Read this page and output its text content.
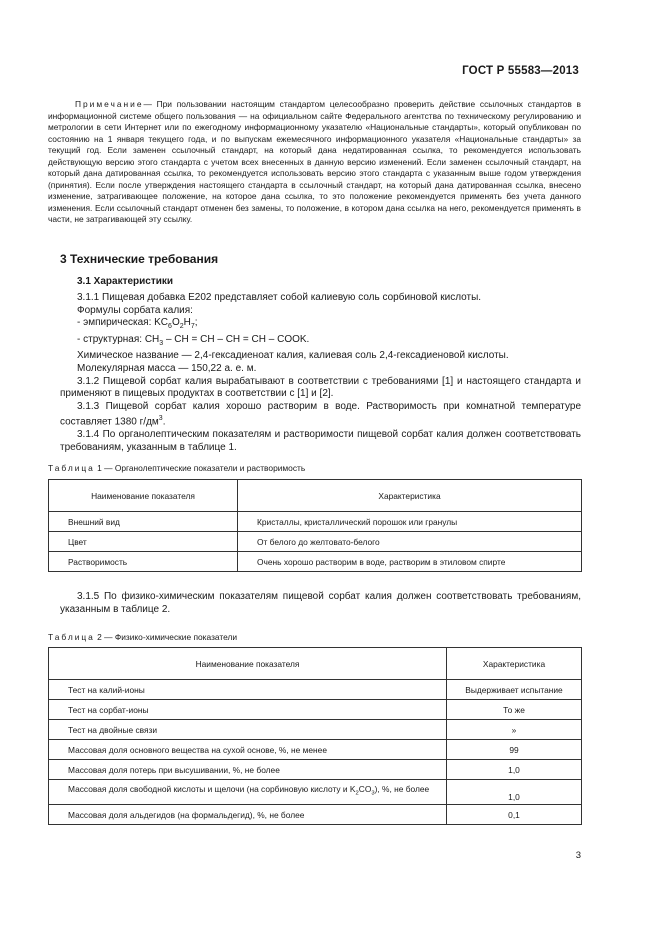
ГОСТ Р 55583—2013
Примечание— При пользовании настоящим стандартом целесообразно проверить действие ссылочных стандартов в информационной системе общего пользования — на официальном сайте Федерального агентства по техническому регулированию и метрологии в сети Интернет или по ежегодному информационному указателю «Национальные стандарты», который опубликован по состоянию на 1 января текущего года, и по выпускам ежемесячного информационного указателя «Национальные стандарты» за текущий год. Если заменен ссылочный стандарт, на который дана недатированная ссылка, то рекомендуется использовать действующую версию этого стандарта с учетом всех внесенных в данную версию изменений. Если заменен ссылочный стандарт, на который дана датированная ссылка, то рекомендуется использовать версию этого стандарта с указанным выше годом утверждения (принятия). Если после утверждения настоящего стандарта в ссылочный стандарт, на который дана датированная ссылка, внесено изменение, затрагивающее положение, на которое дана ссылка, то это положение рекомендуется применять без учета данного изменения. Если ссылочный стандарт отменен без замены, то положение, в котором дана ссылка на него, рекомендуется применять в части, не затрагивающей эту ссылку.
3 Технические требования
3.1 Характеристики

3.1.1 Пищевая добавка Е202 представляет собой калиевую соль сорбиновой кислоты.

Формулы сорбата калия:

- эмпирическая: $KC_6O_2H_7$;

- структурная: $CH_3$ – CH = CH – CH = CH – COOK.

Химическое название — 2,4-гексадиеноат калия, калиевая соль 2,4-гексадиеновой кислоты.

Молекулярная масса — 150,22 а. е. м.

3.1.2 Пищевой сорбат калия вырабатывают в соответствии с требованиями [1] и настоящего стандарта и применяют в пищевых продуктах в соответствии с [1] и [2].

3.1.3 Пищевой сорбат калия хорошо растворим в воде. Растворимость при комнатной температуре составляет 1380 $г/дм^3$.

3.1.4 По органолептическим показателям и растворимости пищевой сорбат калия должен соответствовать требованиям, указанным в таблице 1.

Таблица 1 — Органолептические показатели и растворимость
Наименование показателя	Характеристика
Внешний вид	Кристаллы, кристаллический порошок или гранулы
Цвет	От белого до желтовато-белого
Растворимость	Очень хорошо растворим в воде, растворим в этиловом спирте

3.1.5 По физико-химическим показателям пищевой сорбат калия должен соответствовать требованиям, указанным в таблице 2.

Таблица 2 — Физико-химические показатели
Наименование показателя	Характеристика
Тест на калий-ионы	Выдерживает испытание
Тест на сорбат-ионы	То же
Тест на двойные связи	»
Массовая доля основного вещества на сухой основе, %, не менее	99
Массовая доля потерь при высушивании, %, не более	1,0
Массовая доля свободной кислоты и щелочи (на сорбиновую кислоту и $K_2CO_3$), %, не более	1,0
Массовая доля альдегидов (на формальдегид), %, не более	0,1
3
